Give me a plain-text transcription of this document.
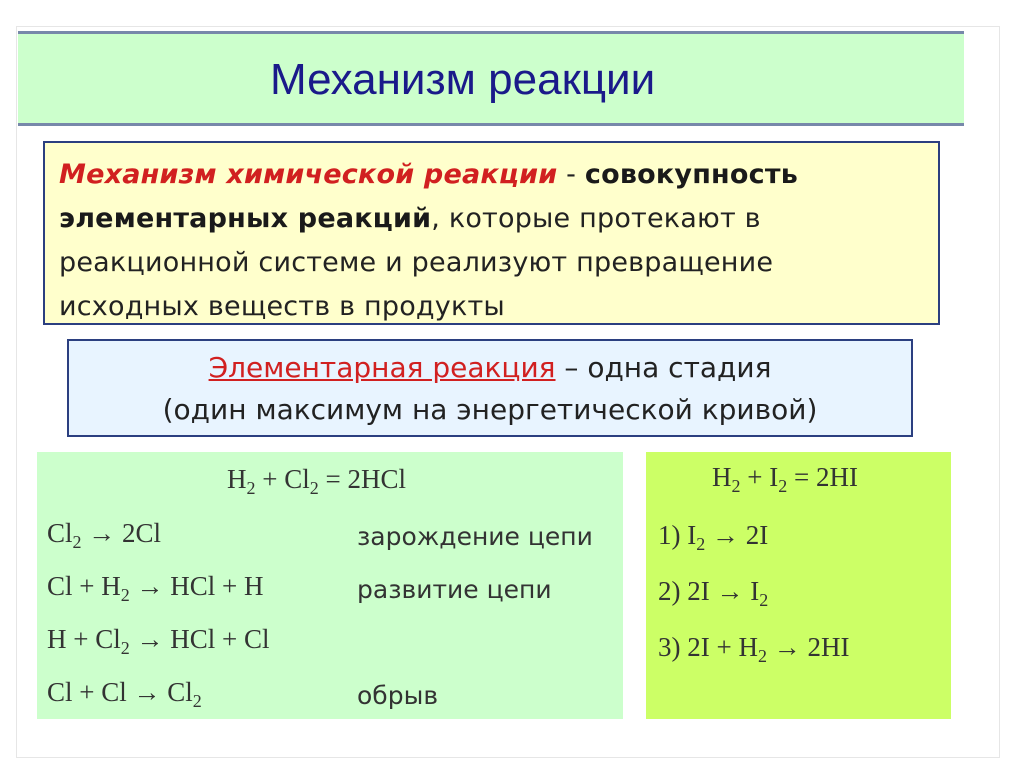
Механизм реакции

Механизм химической реакции - совокупность
элементарных реакций, которые протекают в
реакционной системе и реализуют превращение
исходных веществ в продукты

Элементарная реакция – одна стадия

(один максимум на энергетической кривой)

$H_2 + Cl_2 = 2HCl$
$Cl_2 \to 2Cl$	зарождение цепи
$Cl + H_2$ → HCl + H	развитие цепи
$H + Cl_2$ → HCl + Cl
$Cl + Cl \to Cl_2$	обрыв
$H_2 + I_2 = 2HI$
1) $I_2 \to 2I$
2) $2I \to I_2$
3) $2I + H_2 \to 2HI$
